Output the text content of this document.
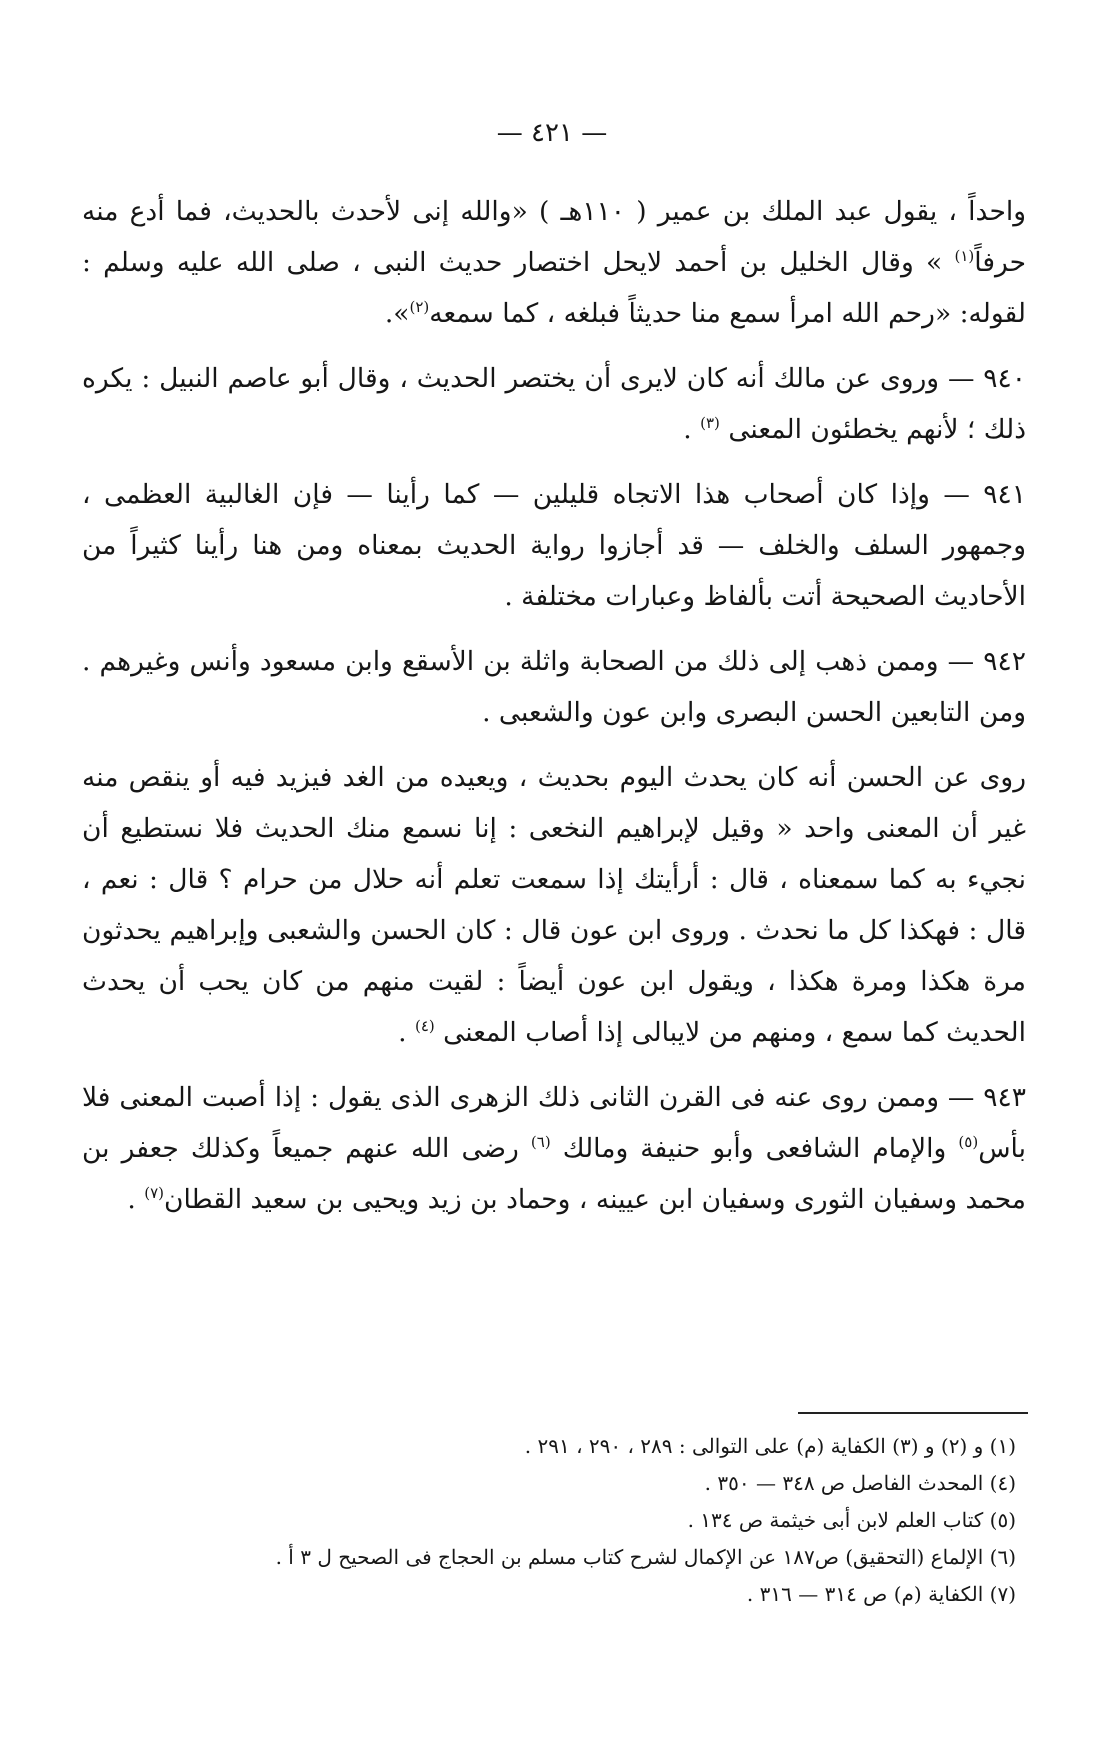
— ٤٢١ —

واحداً ، يقول عبد الملك بن عمير ( ١١٠هـ ) «والله إنى لأحدث بالحديث، فما أدع منه حرفاً$^{(١)}$ » وقال الخليل بن أحمد لايحل اختصار حديث النبى ، صلى الله عليه وسلم : لقوله: «رحم الله امرأ سمع منا حديثاً فبلغه ، كما سمعه$^{(٢)}$».

٩٤٠ — وروى عن مالك أنه كان لايرى أن يختصر الحديث ، وقال أبو عاصم النبيل : يكره ذلك ؛ لأنهم يخطئون المعنى $^{(٣)}$ .

٩٤١ — وإذا كان أصحاب هذا الاتجاه قليلين — كما رأينا — فإن الغالبية العظمى ، وجمهور السلف والخلف — قد أجازوا رواية الحديث بمعناه ومن هنا رأينا كثيراً من الأحاديث الصحيحة أتت بألفاظ وعبارات مختلفة .

٩٤٢ — وممن ذهب إلى ذلك من الصحابة واثلة بن الأسقع وابن مسعود وأنس وغيرهم . ومن التابعين الحسن البصرى وابن عون والشعبى .

روى عن الحسن أنه كان يحدث اليوم بحديث ، ويعيده من الغد فيزيد فيه أو ينقص منه غير أن المعنى واحد « وقيل لإبراهيم النخعى : إنا نسمع منك الحديث فلا نستطيع أن نجيء به كما سمعناه ، قال : أرأيتك إذا سمعت تعلم أنه حلال من حرام ؟ قال : نعم ، قال : فهكذا كل ما نحدث . وروى ابن عون قال : كان الحسن والشعبى وإبراهيم يحدثون مرة هكذا ومرة هكذا ، ويقول ابن عون أيضاً : لقيت منهم من كان يحب أن يحدث الحديث كما سمع ، ومنهم من لايبالى إذا أصاب المعنى $^{(٤)}$ .

٩٤٣ — وممن روى عنه فى القرن الثانى ذلك الزهرى الذى يقول : إذا أصبت المعنى فلا بأس$^{(٥)}$ والإمام الشافعى وأبو حنيفة ومالك $^{(٦)}$ رضى الله عنهم جميعاً وكذلك جعفر بن محمد وسفيان الثورى وسفيان ابن عيينه ، وحماد بن زيد ويحيى بن سعيد القطان$^{(٧)}$ .

(١) و (٢) و (٣) الكفاية (م) على التوالى : ٢٨٩ ، ٢٩٠ ، ٢٩١ .

(٤) المحدث الفاصل ص ٣٤٨ — ٣٥٠ .

(٥) كتاب العلم لابن أبى خيثمة ص ١٣٤ .

(٦) الإلماع (التحقيق) ص١٨٧ عن الإكمال لشرح كتاب مسلم بن الحجاج فى الصحيح ل ٣ أ .

(٧) الكفاية (م) ص ٣١٤ — ٣١٦ .
